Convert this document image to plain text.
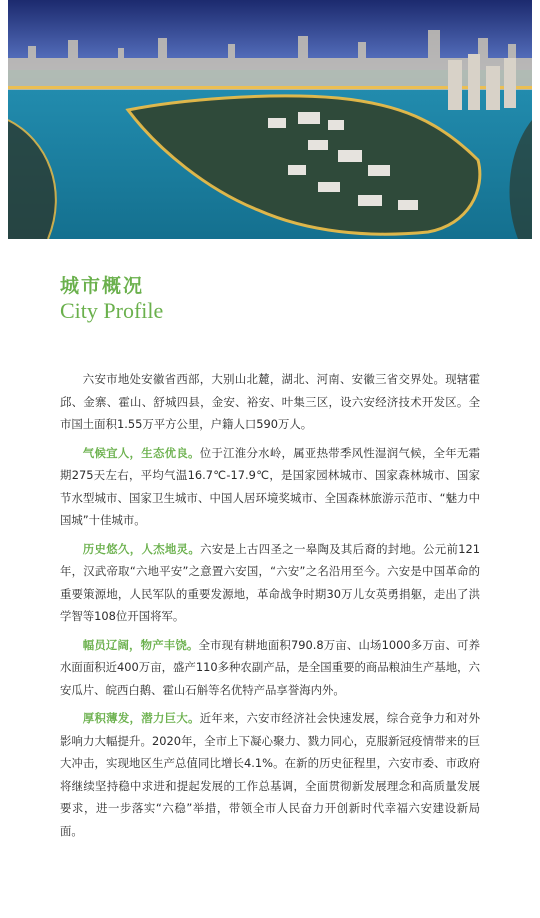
城市概况
City Profile

六安市地处安徽省西部，大别山北麓，湖北、河南、安徽三省交界处。现辖霍邱、金寨、霍山、舒城四县，金安、裕安、叶集三区，设六安经济技术开发区。全市国土面积1.55万平方公里，户籍人口590万人。

气候宜人，生态优良。位于江淮分水岭，属亚热带季风性湿润气候，全年无霜期275天左右，平均气温16.7℃-17.9℃，是国家园林城市、国家森林城市、国家节水型城市、国家卫生城市、中国人居环境奖城市、全国森林旅游示范市、“魅力中国城”十佳城市。

历史悠久，人杰地灵。六安是上古四圣之一皋陶及其后裔的封地。公元前121年，汉武帝取“六地平安”之意置六安国，“六安”之名沿用至今。六安是中国革命的重要策源地，人民军队的重要发源地，革命战争时期30万儿女英勇捐躯，走出了洪学智等108位开国将军。

幅员辽阔，物产丰饶。全市现有耕地面积790.8万亩、山场1000多万亩、可养水面面积近400万亩，盛产110多种农副产品，是全国重要的商品粮油生产基地，六安瓜片、皖西白鹅、霍山石斛等名优特产品享誉海内外。

厚积薄发，潜力巨大。近年来，六安市经济社会快速发展，综合竞争力和对外影响力大幅提升。2020年，全市上下凝心聚力、戮力同心，克服新冠疫情带来的巨大冲击，实现地区生产总值同比增长4.1%。在新的历史征程里，六安市委、市政府将继续坚持稳中求进和提起发展的工作总基调，全面贯彻新发展理念和高质量发展要求，进一步落实“六稳”举措，带领全市人民奋力开创新时代幸福六安建设新局面。
